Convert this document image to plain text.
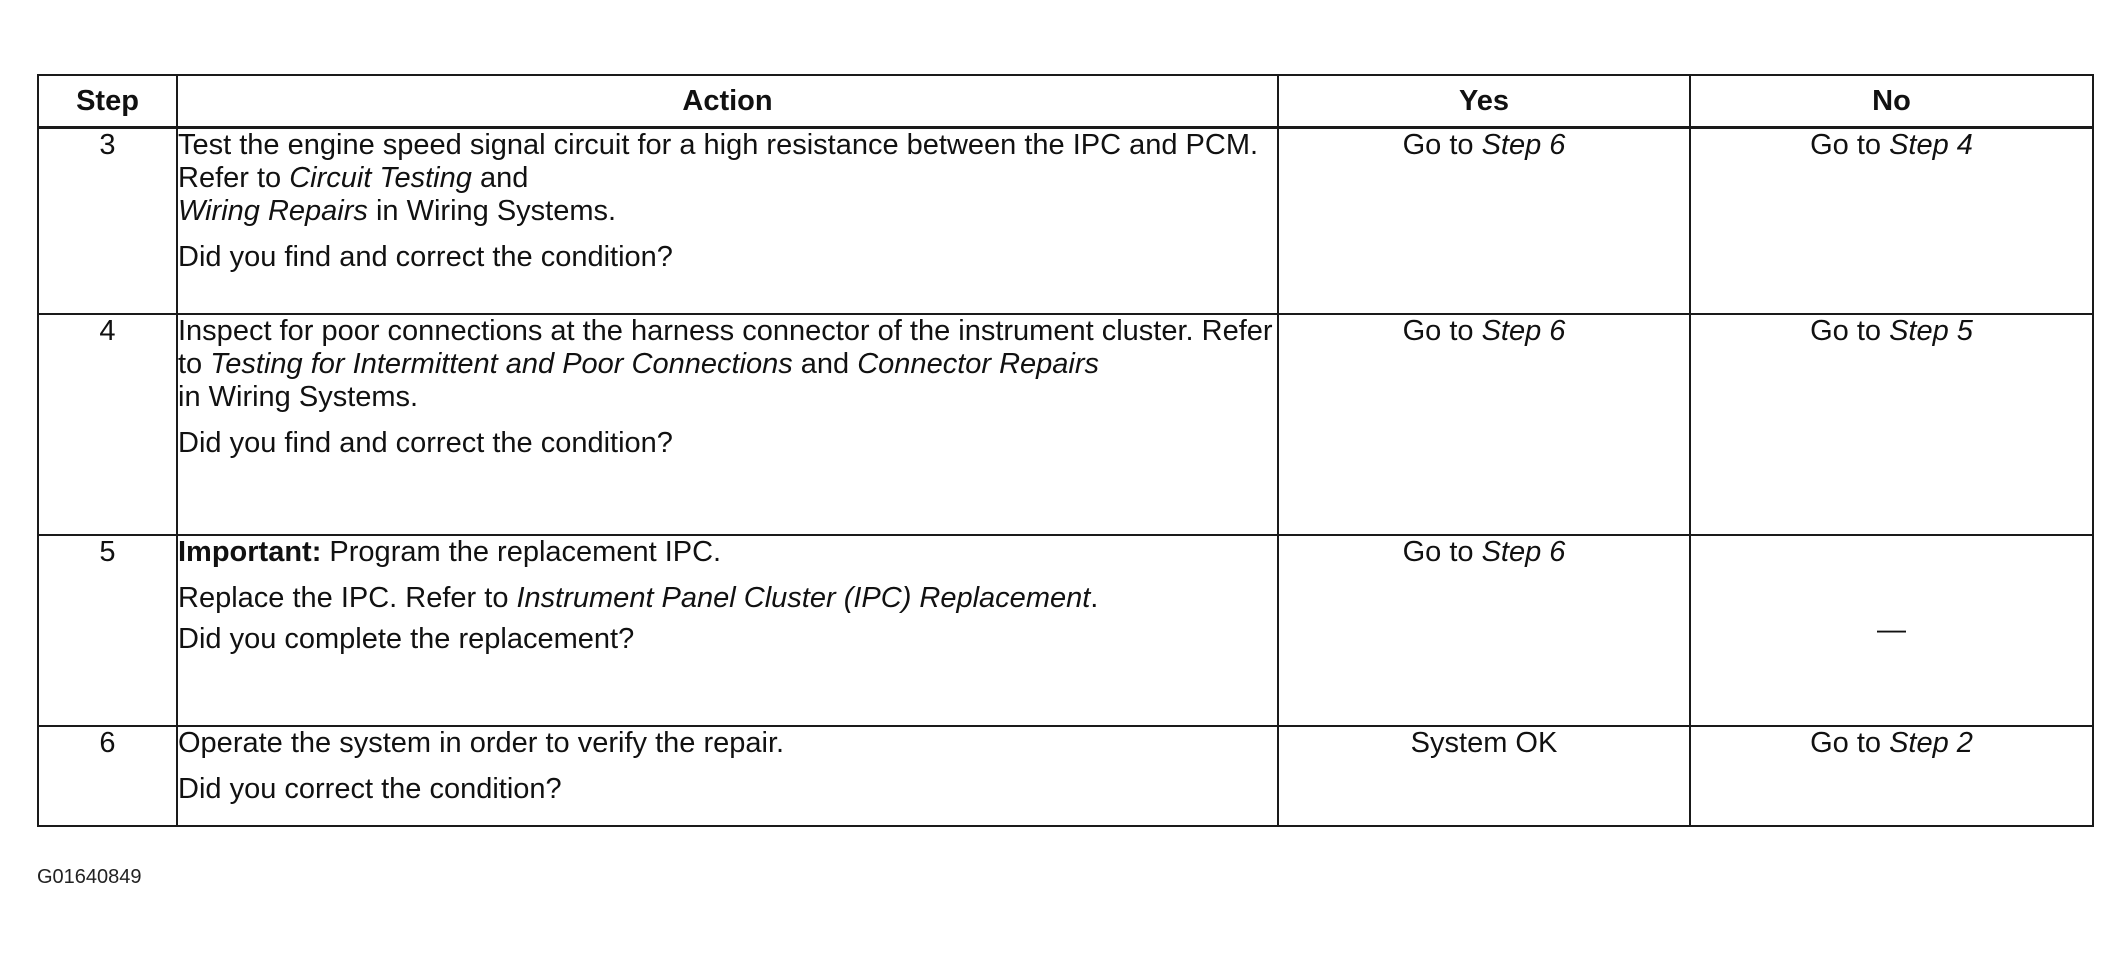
Step	Action	Yes	No
3	Test the engine speed signal circuit for a high resistance between the IPC and PCM. Refer to Circuit Testing and
Wiring Repairs in Wiring Systems.

Did you find and correct the condition?	Go to Step 6	Go to Step 4
4	Inspect for poor connections at the harness connector of the instrument cluster. Refer to Testing for Intermittent and Poor Connections and Connector Repairs
in Wiring Systems.

Did you find and correct the condition?	Go to Step 6	Go to Step 5
5	Important: Program the replacement IPC.

Replace the IPC. Refer to Instrument Panel Cluster (IPC) Replacement.

Did you complete the replacement?	Go to Step 6	—
6	Operate the system in order to verify the repair.

Did you correct the condition?	System OK	Go to Step 2
G01640849
